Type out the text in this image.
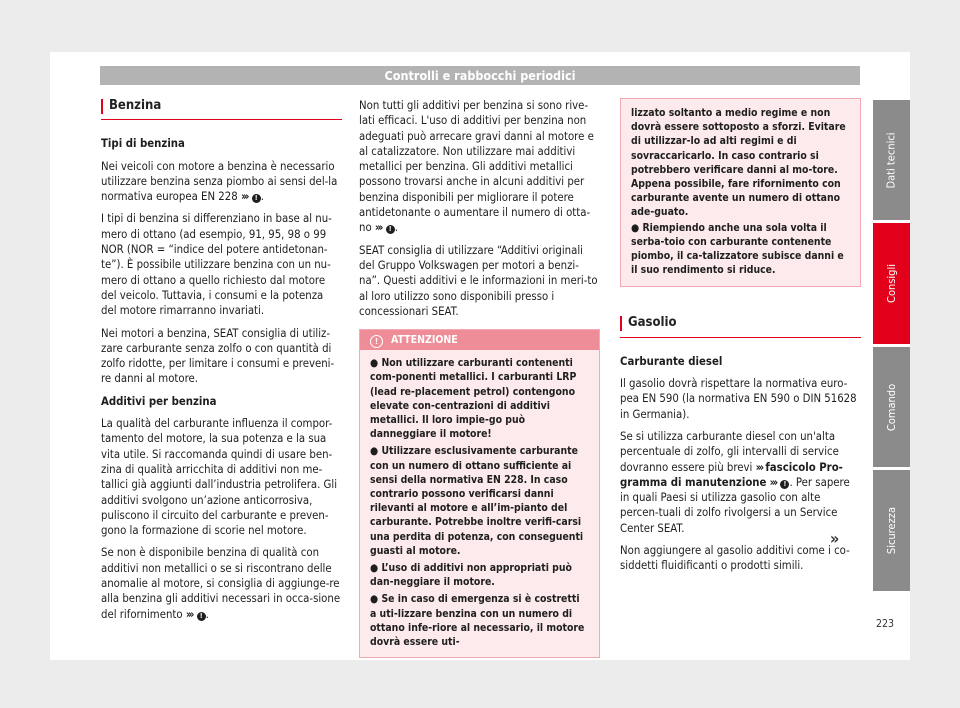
Controlli e rabbocchi periodici
Benzina

Tipi di benzina

Nei veicoli con motore a benzina è necessario utilizzare benzina senza piombo ai sensi del-la normativa europea EN 228 ››› ! .

I tipi di benzina si differenziano in base al nu-mero di ottano (ad esempio, 91, 95, 98 o 99 NOR (NOR = “indice del potere antidetonan-te”). È possibile utilizzare benzina con un nu-mero di ottano a quello richiesto dal motore del veicolo. Tuttavia, i consumi e la potenza del motore rimarranno invariati.

Nei motori a benzina, SEAT consiglia di utiliz-zare carburante senza zolfo o con quantità di zolfo ridotte, per limitare i consumi e preveni-re danni al motore.

Additivi per benzina

La qualità del carburante influenza il compor-tamento del motore, la sua potenza e la sua vita utile. Si raccomanda quindi di usare ben-zina di qualità arricchita di additivi non me-tallici già aggiunti dall’industria petrolifera. Gli additivi svolgono un’azione anticorrosiva, puliscono il circuito del carburante e preven-gono la formazione di scorie nel motore.

Se non è disponibile benzina di qualità con additivi non metallici o se si riscontrano delle anomalie al motore, si consiglia di aggiunge-re alla benzina gli additivi necessari in occa-sione del rifornimento ››› ! .

Non tutti gli additivi per benzina si sono rive-lati efficaci. L'uso di additivi per benzina non adeguati può arrecare gravi danni al motore e al catalizzatore. Non utilizzare mai additivi metallici per benzina. Gli additivi metallici possono trovarsi anche in alcuni additivi per benzina disponibili per migliorare il potere antidetonante o aumentare il numero di otta-no ››› ! .

SEAT consiglia di utilizzare “Additivi originali del Gruppo Volkswagen per motori a benzi-na”. Questi additivi e le informazioni in meri-to al loro utilizzo sono disponibili presso i concessionari SEAT.

! ATTENZIONE

● Non utilizzare carburanti contenenti com-ponenti metallici. I carburanti LRP (lead re-placement petrol) contengono elevate con-centrazioni di additivi metallici. Il loro impie-go può danneggiare il motore!

● Utilizzare esclusivamente carburante con un numero di ottano sufficiente ai sensi della normativa EN 228. In caso contrario possono verificarsi danni rilevanti al motore e all’im-pianto del carburante. Potrebbe inoltre verifi-carsi una perdita di potenza, con conseguenti guasti al motore.

● L’uso di additivi non appropriati può dan-neggiare il motore.

● Se in caso di emergenza si è costretti a uti-lizzare benzina con un numero di ottano infe-riore al necessario, il motore dovrà essere uti-

lizzato soltanto a medio regime e non dovrà essere sottoposto a sforzi. Evitare di utilizzar-lo ad alti regimi e di sovraccaricarlo. In caso contrario si potrebbero verificare danni al mo-tore. Appena possibile, fare rifornimento con carburante avente un numero di ottano ade-guato.

● Riempiendo anche una sola volta il serba-toio con carburante contenente piombo, il ca-talizzatore subisce danni e il suo rendimento si riduce.

Gasolio

Carburante diesel

Il gasolio dovrà rispettare la normativa euro-pea EN 590 (la normativa EN 590 o DIN 51628 in Germania).

Se si utilizza carburante diesel con un'alta percentuale di zolfo, gli intervalli di service dovranno essere più brevi ››› fascicolo Pro-gramma di manutenzione ››› ! . Per sapere in quali Paesi si utilizza gasolio con alte percen-tuali di zolfo rivolgersi a un Service Center SEAT.

Non aggiungere al gasolio additivi come i co-siddetti fluidificanti o prodotti simili.

»
Dati tecnici
Consigli
Comando
Sicurezza
223
